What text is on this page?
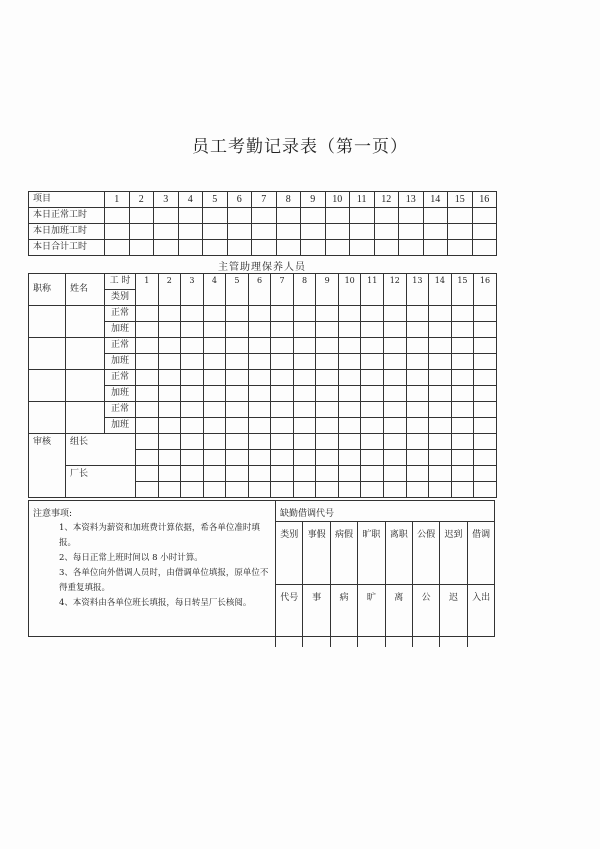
员工考勤记录表（第一页）
项目	1	2	3	4	5	6	7	8	9	10	11	12	13	14	15	16
本日正常工时																
本日加班工时																
本日合计工时																
主管助理保养人员
职称	姓名	工 时	1	2	3	4	5	6	7	8	9	10	11	12	13	14	15	16
		类别																
		正常																
		加班																
		正常																
		加班																
		正常																
		加班																
		正常																
		加班																
审核	组长																	

	厂长																	

注意事项:
1、本资料为薪资和加班费计算依据，希各单位准时填报。
2、每日正常上班时间以 8 小时计算。
3、各单位向外借调人员时，由借调单位填报，原单位不得重复填报。
4、本资料由各单位班长填报，每日转呈厂长核阅。
缺勤借调代号
类别	事假	病假	旷职	离职	公假	迟到	借调
代号	事	病	旷	离	公	迟	入出
